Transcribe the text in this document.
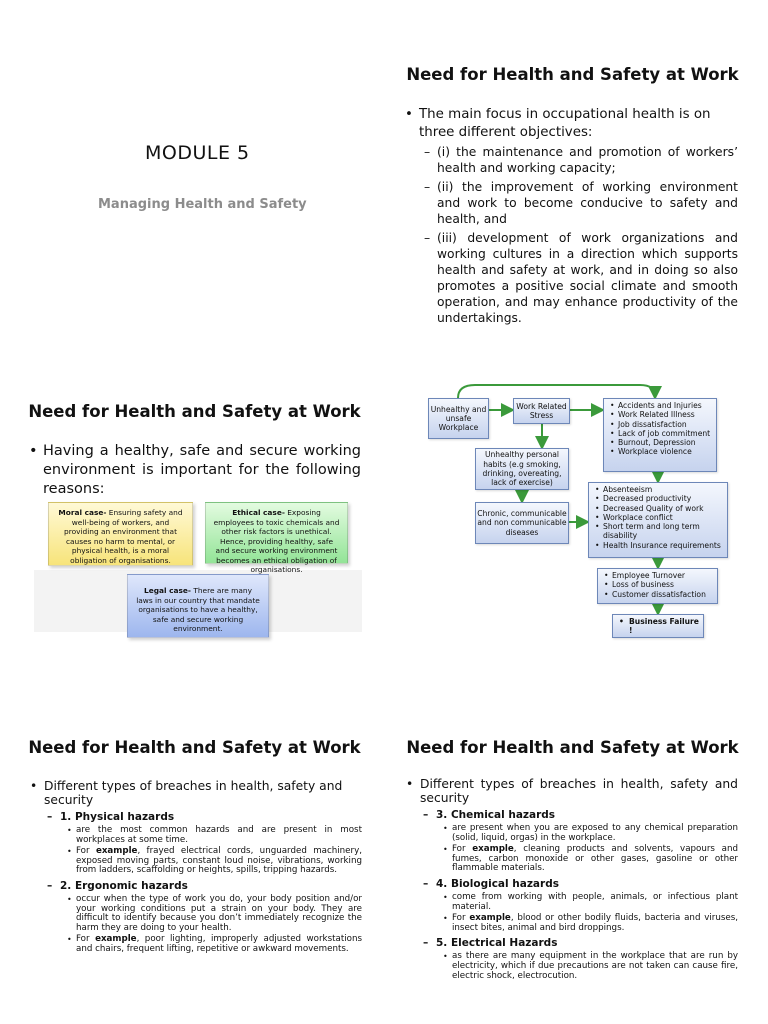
MODULE 5
Managing Health and Safety
Need for Health and Safety at Work
• The main focus in occupational health is on three different objectives:
– (i) the maintenance and promotion of workers’ health and working capacity;
– (ii) the improvement of working environment and work to become conducive to safety and health, and
– (iii) development of work organizations and working cultures in a direction which supports health and safety at work, and in doing so also promotes a positive social climate and smooth operation, and may enhance productivity of the undertakings.
Need for Health and Safety at Work
• Having a healthy, safe and secure working environment is important for the following reasons:
Moral case- Ensuring safety and well-being of workers, and providing an environment that causes no harm to mental, or physical health, is a moral obligation of organisations.
Ethical case- Exposing employees to toxic chemicals and other risk factors is unethical. Hence, providing healthy, safe and secure working environment becomes an ethical obligation of organisations.
Legal case- There are many laws in our country that mandate organisations to have a healthy, safe and secure working environment.
Unhealthy and unsafe Workplace
Work Related Stress
Unhealthy personal habits (e.g smoking, drinking, overeating, lack of exercise)
Chronic, communicable and non communicable diseases
• Accidents and Injuries
• Work Related Illness
• Job dissatisfaction
• Lack of job commitment
• Burnout, Depression
• Workplace violence
• Absenteeism
• Decreased productivity
• Decreased Quality of work
• Workplace conflict
• Short term and long term disability
• Health Insurance requirements
• Employee Turnover
• Loss of business
• Customer dissatisfaction
• Business Failure !
Need for Health and Safety at Work
• Different types of breaches in health, safety and security
– 1. Physical hazards
• are the most common hazards and are present in most workplaces at some time.
• For example, frayed electrical cords, unguarded machinery, exposed moving parts, constant loud noise, vibrations, working from ladders, scaffolding or heights, spills, tripping hazards.
– 2. Ergonomic hazards
• occur when the type of work you do, your body position and/or your working conditions put a strain on your body. They are difficult to identify because you don’t immediately recognize the harm they are doing to your health.
• For example, poor lighting, improperly adjusted workstations and chairs, frequent lifting, repetitive or awkward movements.
Need for Health and Safety at Work
• Different types of breaches in health, safety and security
– 3. Chemical hazards
• are present when you are exposed to any chemical preparation (solid, liquid, orgas) in the workplace.
• For example, cleaning products and solvents, vapours and fumes, carbon monoxide or other gases, gasoline or other flammable materials.
– 4. Biological hazards
• come from working with people, animals, or infectious plant material.
• For example, blood or other bodily fluids, bacteria and viruses, insect bites, animal and bird droppings.
– 5. Electrical Hazards
• as there are many equipment in the workplace that are run by electricity, which if due precautions are not taken can cause fire, electric shock, electrocution.
